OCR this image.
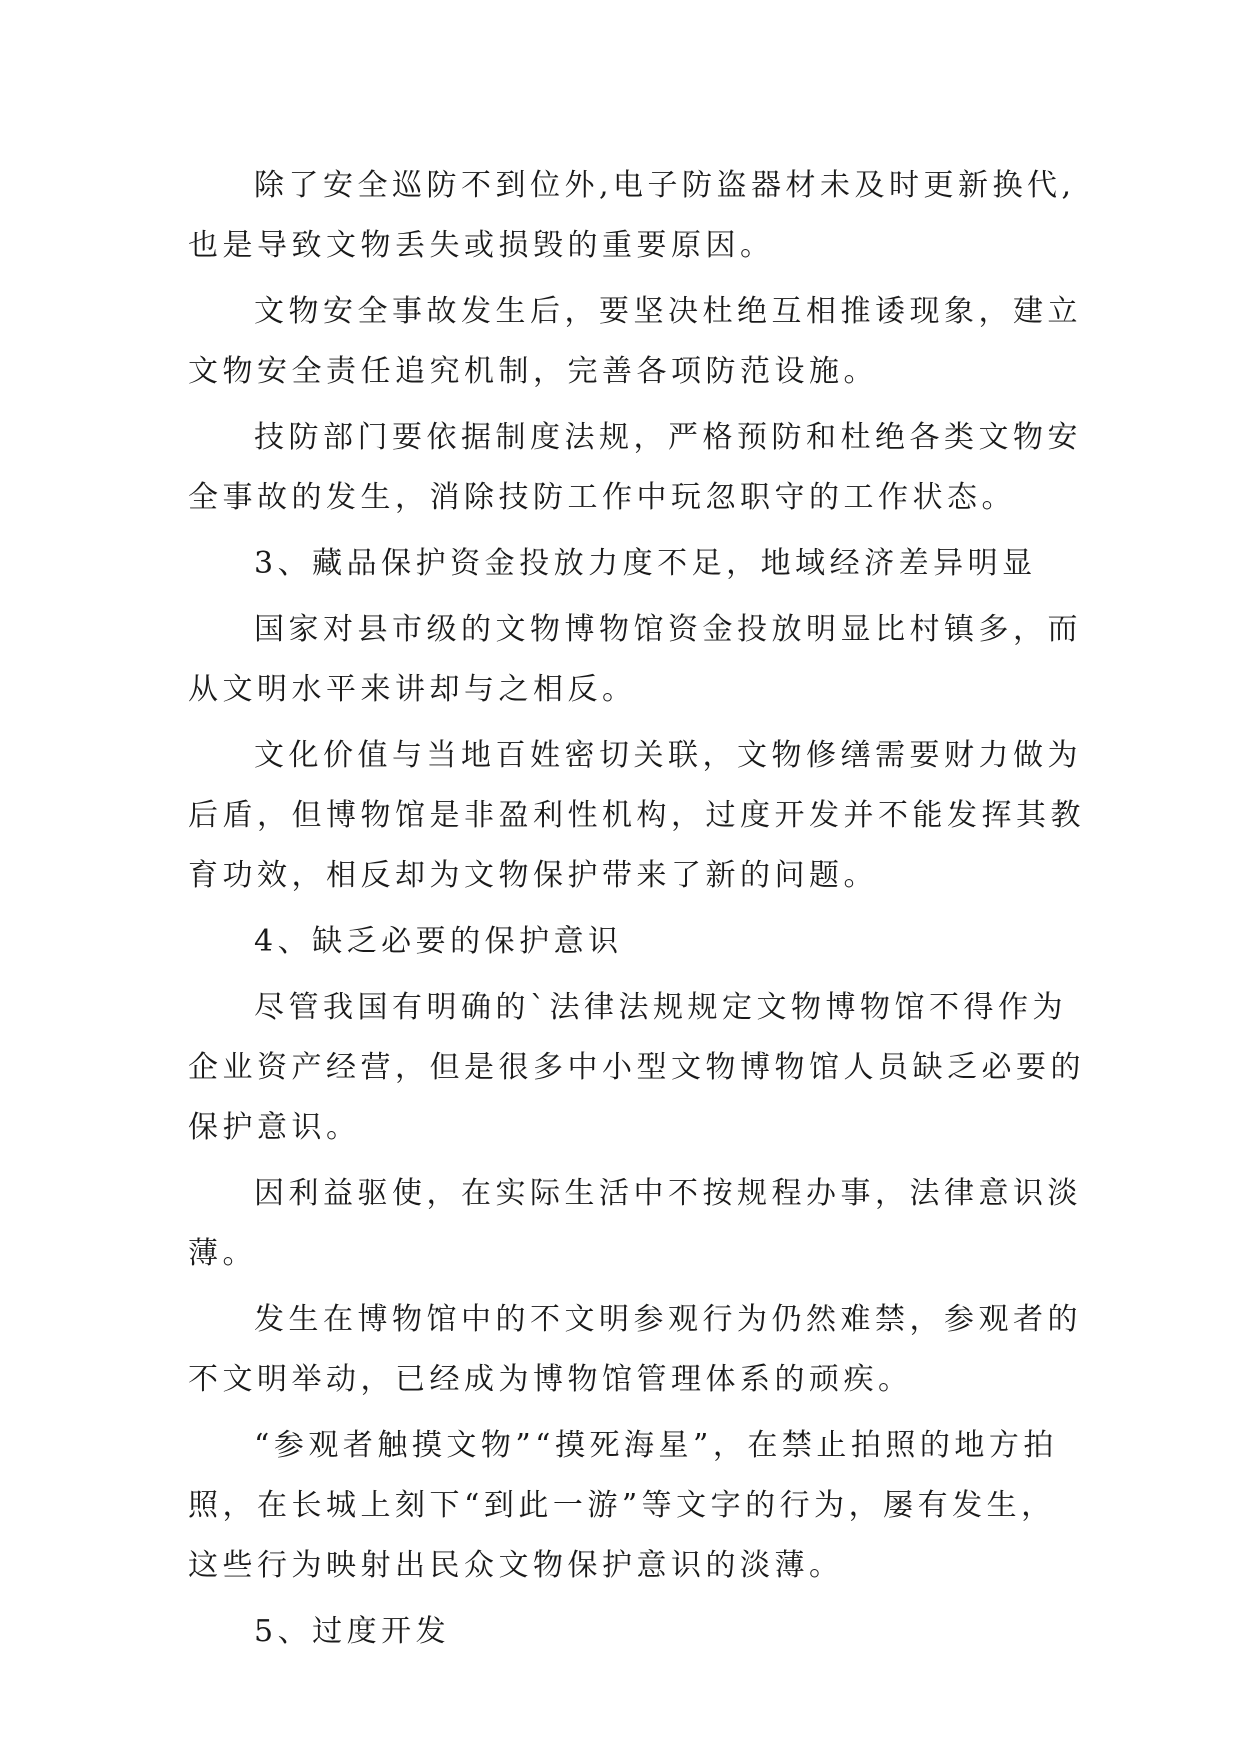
除了安全巡防不到位外,电子防盗器材未及时更新换代,
也是导致文物丢失或损毁的重要原因。
文物安全事故发生后，要坚决杜绝互相推诿现象，建立
文物安全责任追究机制，完善各项防范设施。
技防部门要依据制度法规，严格预防和杜绝各类文物安
全事故的发生，消除技防工作中玩忽职守的工作状态。
3、藏品保护资金投放力度不足，地域经济差异明显
国家对县市级的文物博物馆资金投放明显比村镇多，而
从文明水平来讲却与之相反。
文化价值与当地百姓密切关联，文物修缮需要财力做为
后盾，但博物馆是非盈利性机构，过度开发并不能发挥其教
育功效，相反却为文物保护带来了新的问题。
4、缺乏必要的保护意识
尽管我国有明确的`法律法规规定文物博物馆不得作为
企业资产经营，但是很多中小型文物博物馆人员缺乏必要的
保护意识。
因利益驱使，在实际生活中不按规程办事，法律意识淡
薄。
发生在博物馆中的不文明参观行为仍然难禁，参观者的
不文明举动，已经成为博物馆管理体系的顽疾。
“参观者触摸文物”“摸死海星”，在禁止拍照的地方拍
照，在长城上刻下“到此一游”等文字的行为，屡有发生，
这些行为映射出民众文物保护意识的淡薄。
5、过度开发
